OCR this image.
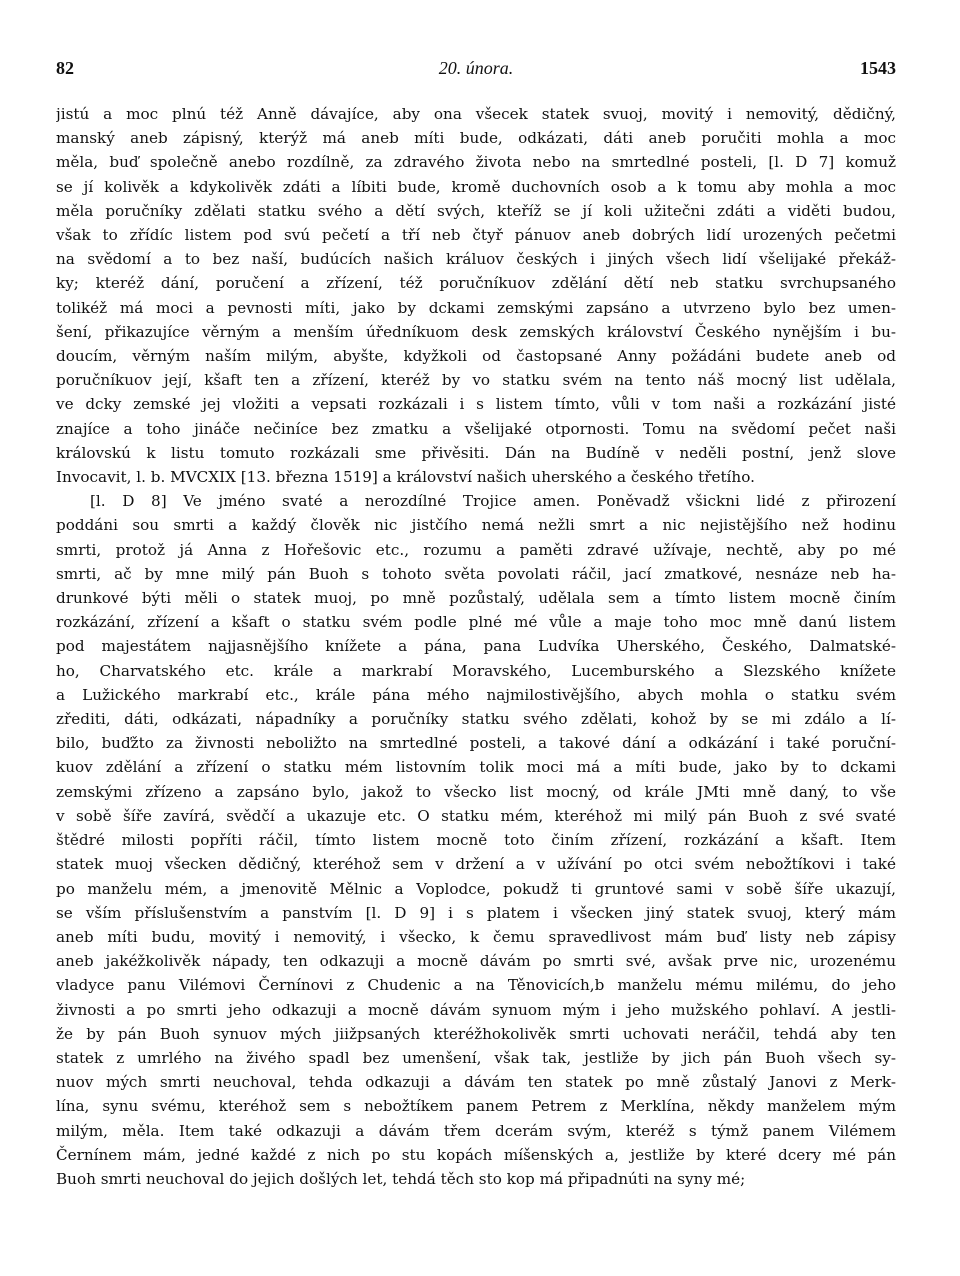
82	20. února.	1543
jistú a moc plnú též Anně dávajíce, aby ona všecek statek svuoj, movitý i nemovitý, dědičný,
manský aneb zápisný, kterýž má aneb míti bude, odkázati, dáti aneb poručiti mohla a moc
měla, buď společně anebo rozdílně, za zdravého života nebo na smrtedlné posteli, [l. D 7] komuž
se jí kolivěk a kdykolivěk zdáti a líbiti bude, kromě duchovních osob a k tomu aby mohla a moc
měla poručníky zdělati statku svého a dětí svých, kteříž se jí koli užitečni zdáti a viděti budou,
však to zřídíc listem pod svú pečetí a tří neb čtyř pánuov aneb dobrých lidí urozených pečetmi
na svědomí a to bez naší, budúcích našich králuov českých i jiných všech lidí všelijaké překáž-
ky; kteréž dání, poručení a zřízení, též poručníkuov zdělání dětí neb statku svrchupsaného
tolikéž má moci a pevnosti míti, jako by dckami zemskými zapsáno a utvrzeno bylo bez umen-
šení, přikazujíce věrným a menším úředníkuom desk zemských království Českého nynějším i bu-
doucím, věrným naším milým, abyšte, kdyžkoli od častopsané Anny požádáni budete aneb od
poručníkuov její, kšaft ten a zřízení, kteréž by vo statku svém na tento náš mocný list udělala,
ve dcky zemské jej vložiti a vepsati rozkázali i s listem tímto, vůli v tom naši a rozkázání jisté
znajíce a toho jináče nečiníce bez zmatku a všelijaké otpornosti. Tomu na svědomí pečet naši
královskú k listu tomuto rozkázali sme přivěsiti. Dán na Budíně v neděli postní, jenž slove
Invocavit, l. b. MVCXIX [13. března 1519] a království našich uherského a českého třetího.
[l. D 8] Ve jméno svaté a nerozdílné Trojice amen. Poněvadž všickni lidé z přirození
poddáni sou smrti a každý člověk nic jistčího nemá nežli smrt a nic nejistějšího než hodinu
smrti, protož já Anna z Hořešovic etc., rozumu a paměti zdravé užívaje, nechtě, aby po mé
smrti, ač by mne milý pán Buoh s tohoto světa povolati ráčil, jací zmatkové, nesnáze neb ha-
drunkové býti měli o statek muoj, po mně pozůstalý, udělala sem a tímto listem mocně činím
rozkázání, zřízení a kšaft o statku svém podle plné mé vůle a maje toho moc mně danú listem
pod majestátem najjasnějšího knížete a pána, pana Ludvíka Uherského, Českého, Dalmatské-
ho, Charvatského etc. krále a markrabí Moravského, Lucemburského a Slezského knížete
a Lužického markrabí etc., krále pána mého najmilostivějšího, abych mohla o statku svém
zřediti, dáti, odkázati, nápadníky a poručníky statku svého zdělati, kohož by se mi zdálo a lí-
bilo, buďžto za živnosti neboližto na smrtedlné posteli, a takové dání a odkázání i také poruční-
kuov zdělání a zřízení o statku mém listovním tolik moci má a míti bude, jako by to dckami
zemskými zřízeno a zapsáno bylo, jakož to všecko list mocný, od krále JMti mně daný, to vše
v sobě šíře zavírá, svědčí a ukazuje etc. O statku mém, kteréhož mi milý pán Buoh z své svaté
štědré milosti popříti ráčil, tímto listem mocně toto činím zřízení, rozkázání a kšaft. Item
statek muoj všecken dědičný, kteréhož sem v držení a v užívání po otci svém nebožtíkovi i také
po manželu mém, a jmenovitě Mělnic a Voplodce, pokudž ti gruntové sami v sobě šíře ukazují,
se vším příslušenstvím a panstvím [l. D 9] i s platem i všecken jiný statek svuoj, který mám
aneb míti budu, movitý i nemovitý, i všecko, k čemu spravedlivost mám buď listy neb zápisy
aneb jakéžkolivěk nápady, ten odkazuji a mocně dávám po smrti své, avšak prve nic, urozenému
vladyce panu Vilémovi Černínovi z Chudenic a na Těnovicích,b manželu mému milému, do jeho
živnosti a po smrti jeho odkazuji a mocně dávám synuom mým i jeho mužského pohlaví. A jestli-
že by pán Buoh synuov mých jiižpsaných kteréžhokolivěk smrti uchovati neráčil, tehdá aby ten
statek z umrlého na živého spadl bez umenšení, však tak, jestliže by jich pán Buoh všech sy-
nuov mých smrti neuchoval, tehda odkazuji a dávám ten statek po mně zůstalý Janovi z Merk-
lína, synu svému, kteréhož sem s nebožtíkem panem Petrem z Merklína, někdy manželem mým
milým, měla. Item také odkazuji a dávám třem dcerám svým, kteréž s týmž panem Vilémem
Černínem mám, jedné každé z nich po stu kopách míšenských a, jestliže by které dcery mé pán
Buoh smrti neuchoval do jejich došlých let, tehdá těch sto kop má připadnúti na syny mé;
